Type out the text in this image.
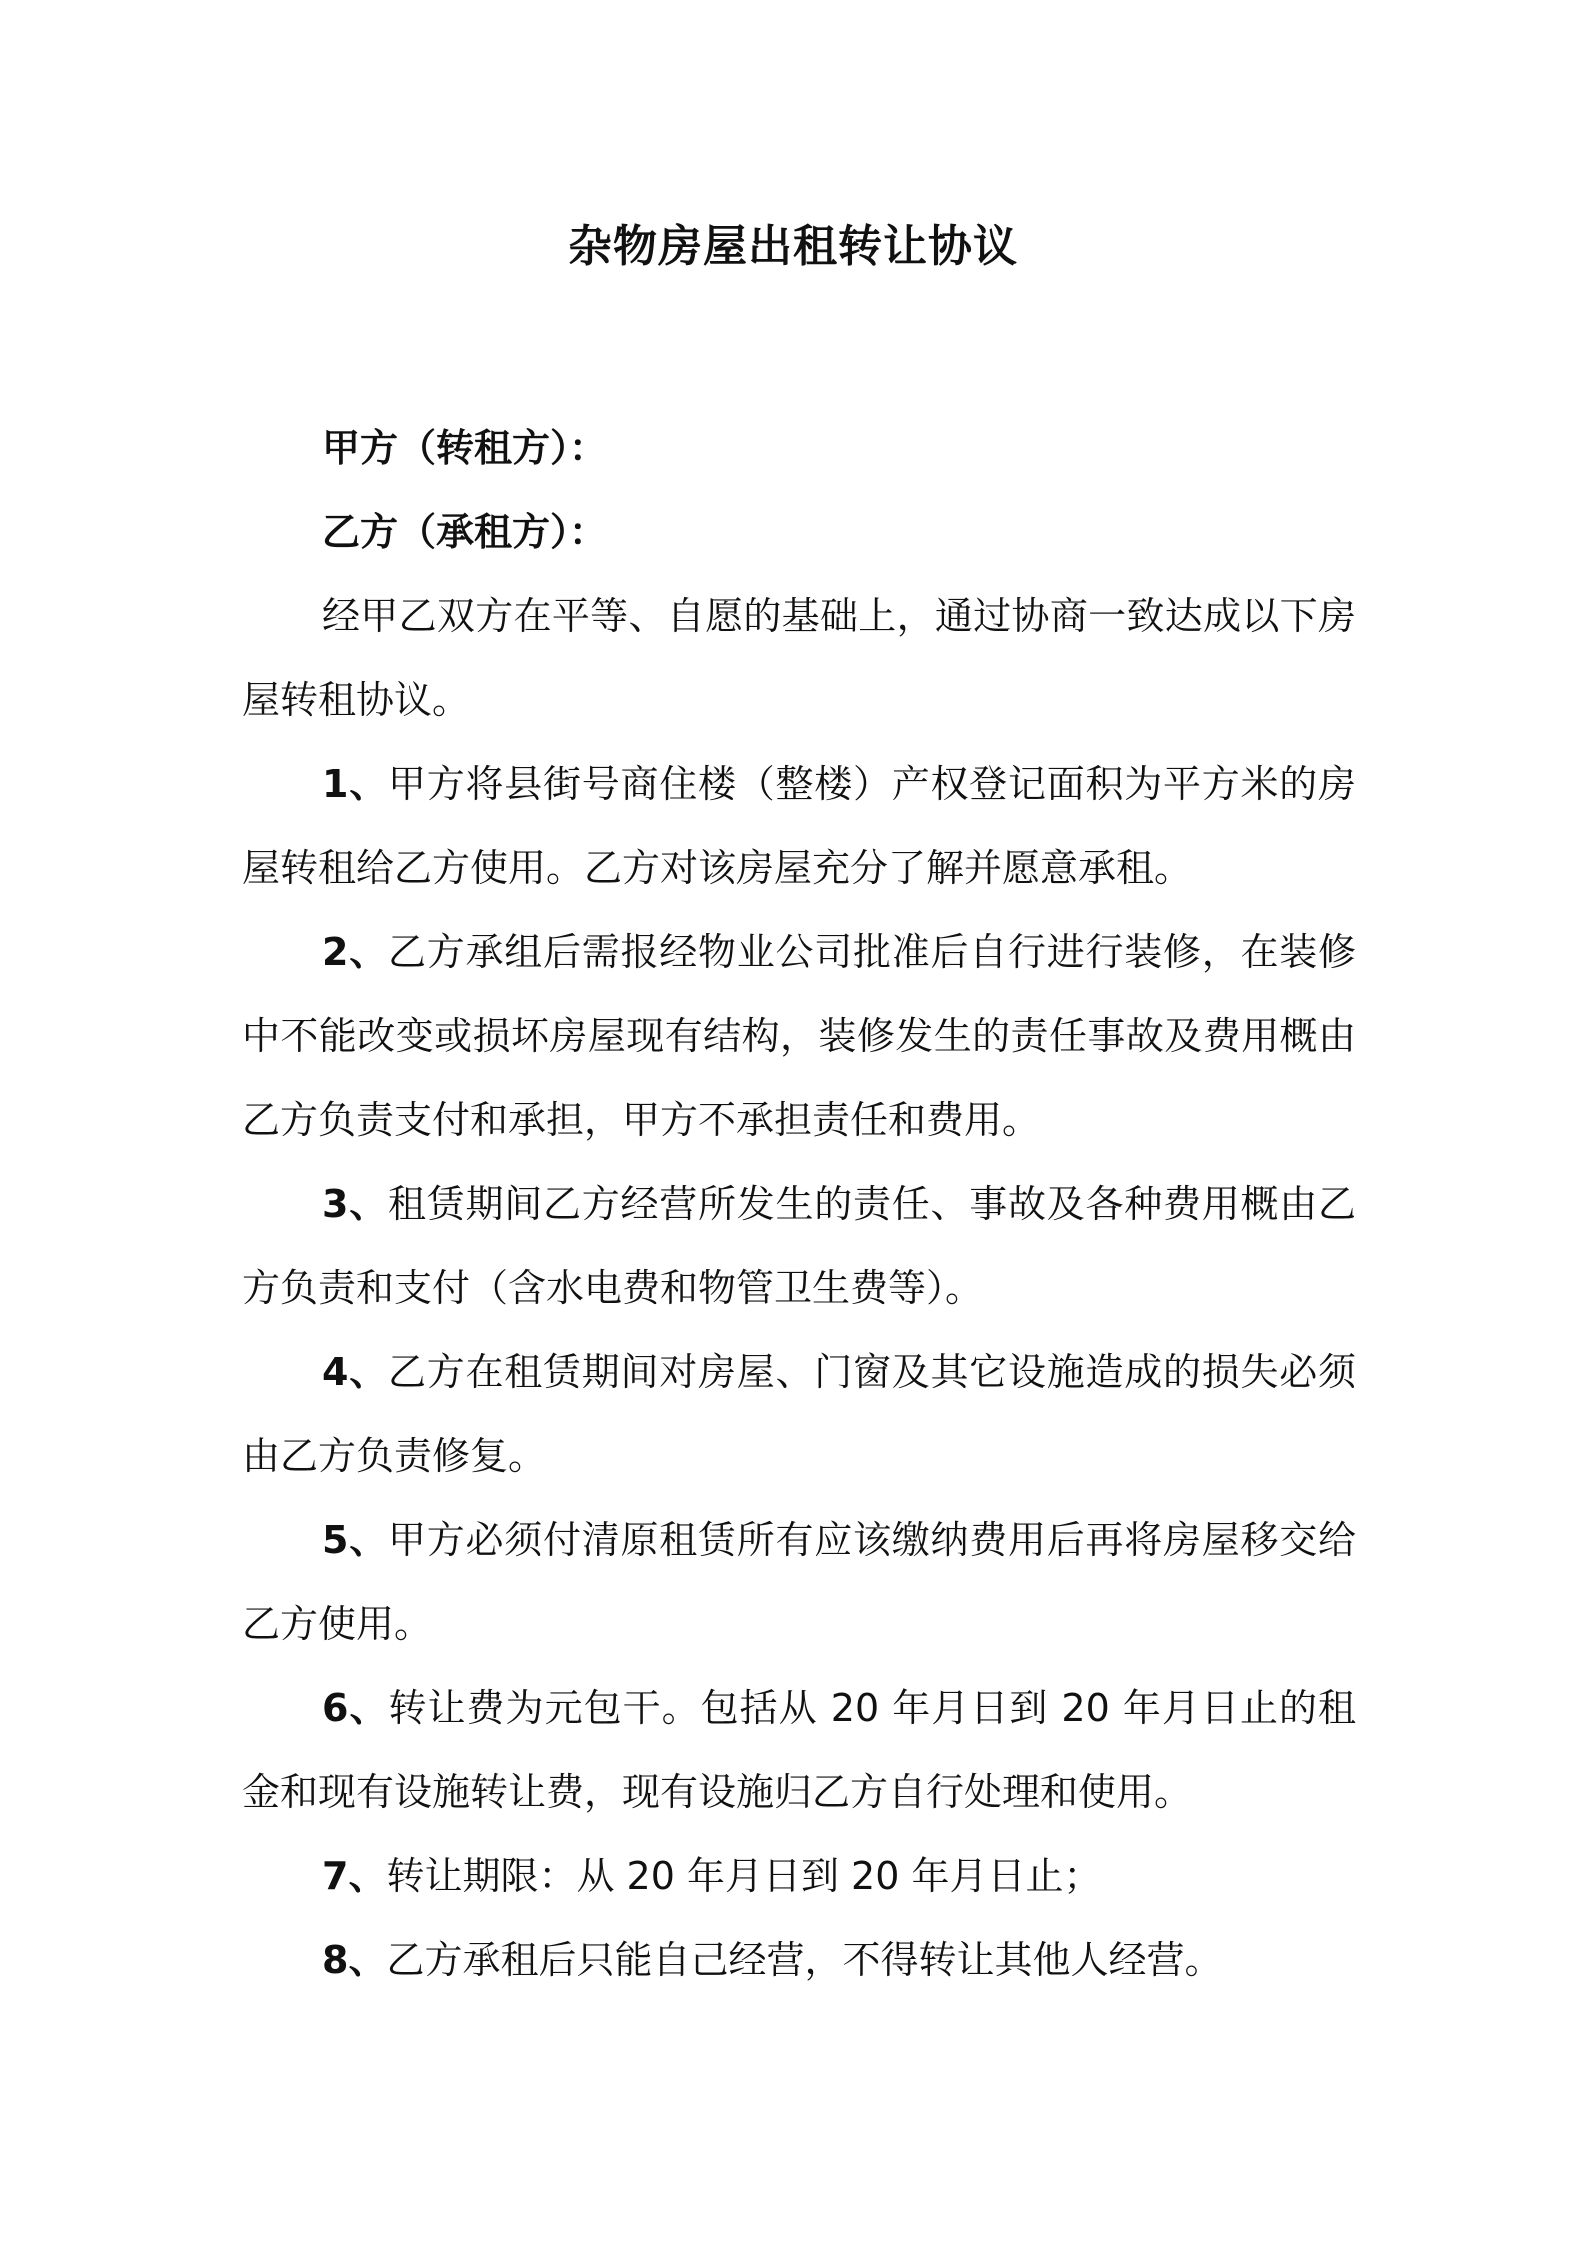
杂物房屋出租转让协议

甲方（转租方）：

乙方（承租方）：

经甲乙双方在平等、自愿的基础上，通过协商一致达成以下房屋转租协议。

1、甲方将县街号商住楼（整楼）产权登记面积为平方米的房屋转租给乙方使用。乙方对该房屋充分了解并愿意承租。

2、乙方承组后需报经物业公司批准后自行进行装修，在装修中不能改变或损坏房屋现有结构，装修发生的责任事故及费用概由乙方负责支付和承担，甲方不承担责任和费用。

3、租赁期间乙方经营所发生的责任、事故及各种费用概由乙方负责和支付（含水电费和物管卫生费等）。

4、乙方在租赁期间对房屋、门窗及其它设施造成的损失必须由乙方负责修复。

5、甲方必须付清原租赁所有应该缴纳费用后再将房屋移交给乙方使用。

6、转让费为元包干。包括从 20 年月日到 20 年月日止的租金和现有设施转让费，现有设施归乙方自行处理和使用。

7、转让期限：从 20 年月日到 20 年月日止；

8、乙方承租后只能自己经营，不得转让其他人经营。
